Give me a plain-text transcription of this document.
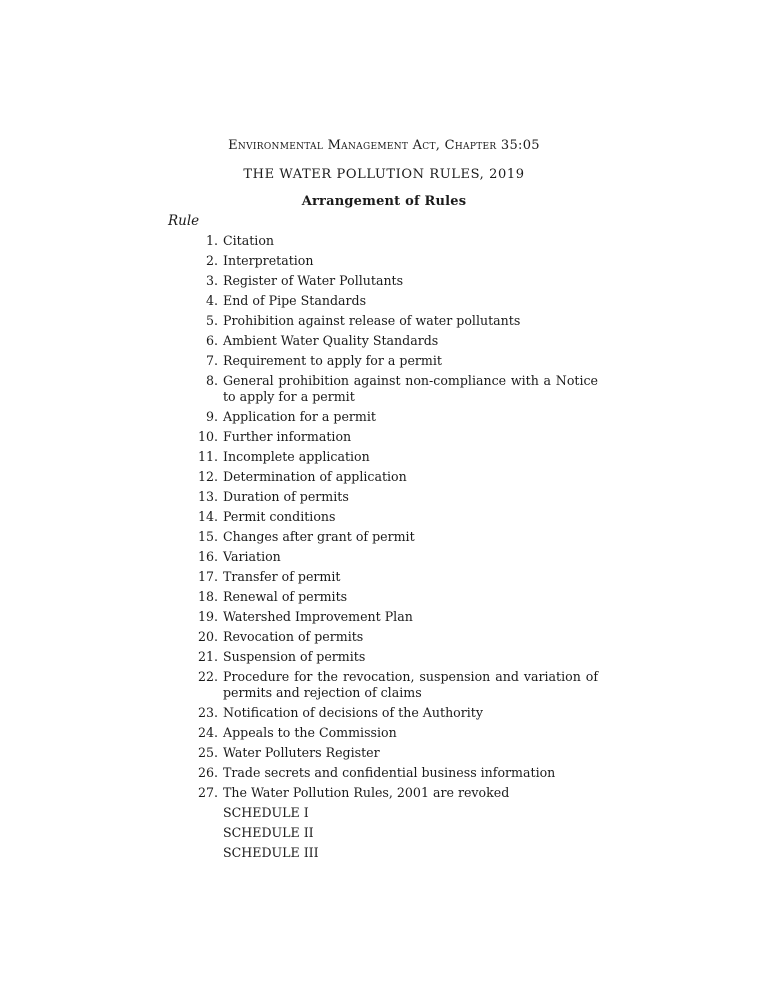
Environmental Management Act, Chapter 35:05
THE WATER POLLUTION RULES, 2019
Arrangement of Rules
Rule
1. Citation
2. Interpretation
3. Register of Water Pollutants
4. End of Pipe Standards
5. Prohibition against release of water pollutants
6. Ambient Water Quality Standards
7. Requirement to apply for a permit
8. General prohibition against non-compliance with a Notice to apply for a permit
9. Application for a permit
10. Further information
11. Incomplete application
12. Determination of application
13. Duration of permits
14. Permit conditions
15. Changes after grant of permit
16. Variation
17. Transfer of permit
18. Renewal of permits
19. Watershed Improvement Plan
20. Revocation of permits
21. Suspension of permits
22. Procedure for the revocation, suspension and variation of permits and rejection of claims
23. Notification of decisions of the Authority
24. Appeals to the Commission
25. Water Polluters Register
26. Trade secrets and confidential business information
27. The Water Pollution Rules, 2001 are revoked
SCHEDULE I
SCHEDULE II
SCHEDULE III
